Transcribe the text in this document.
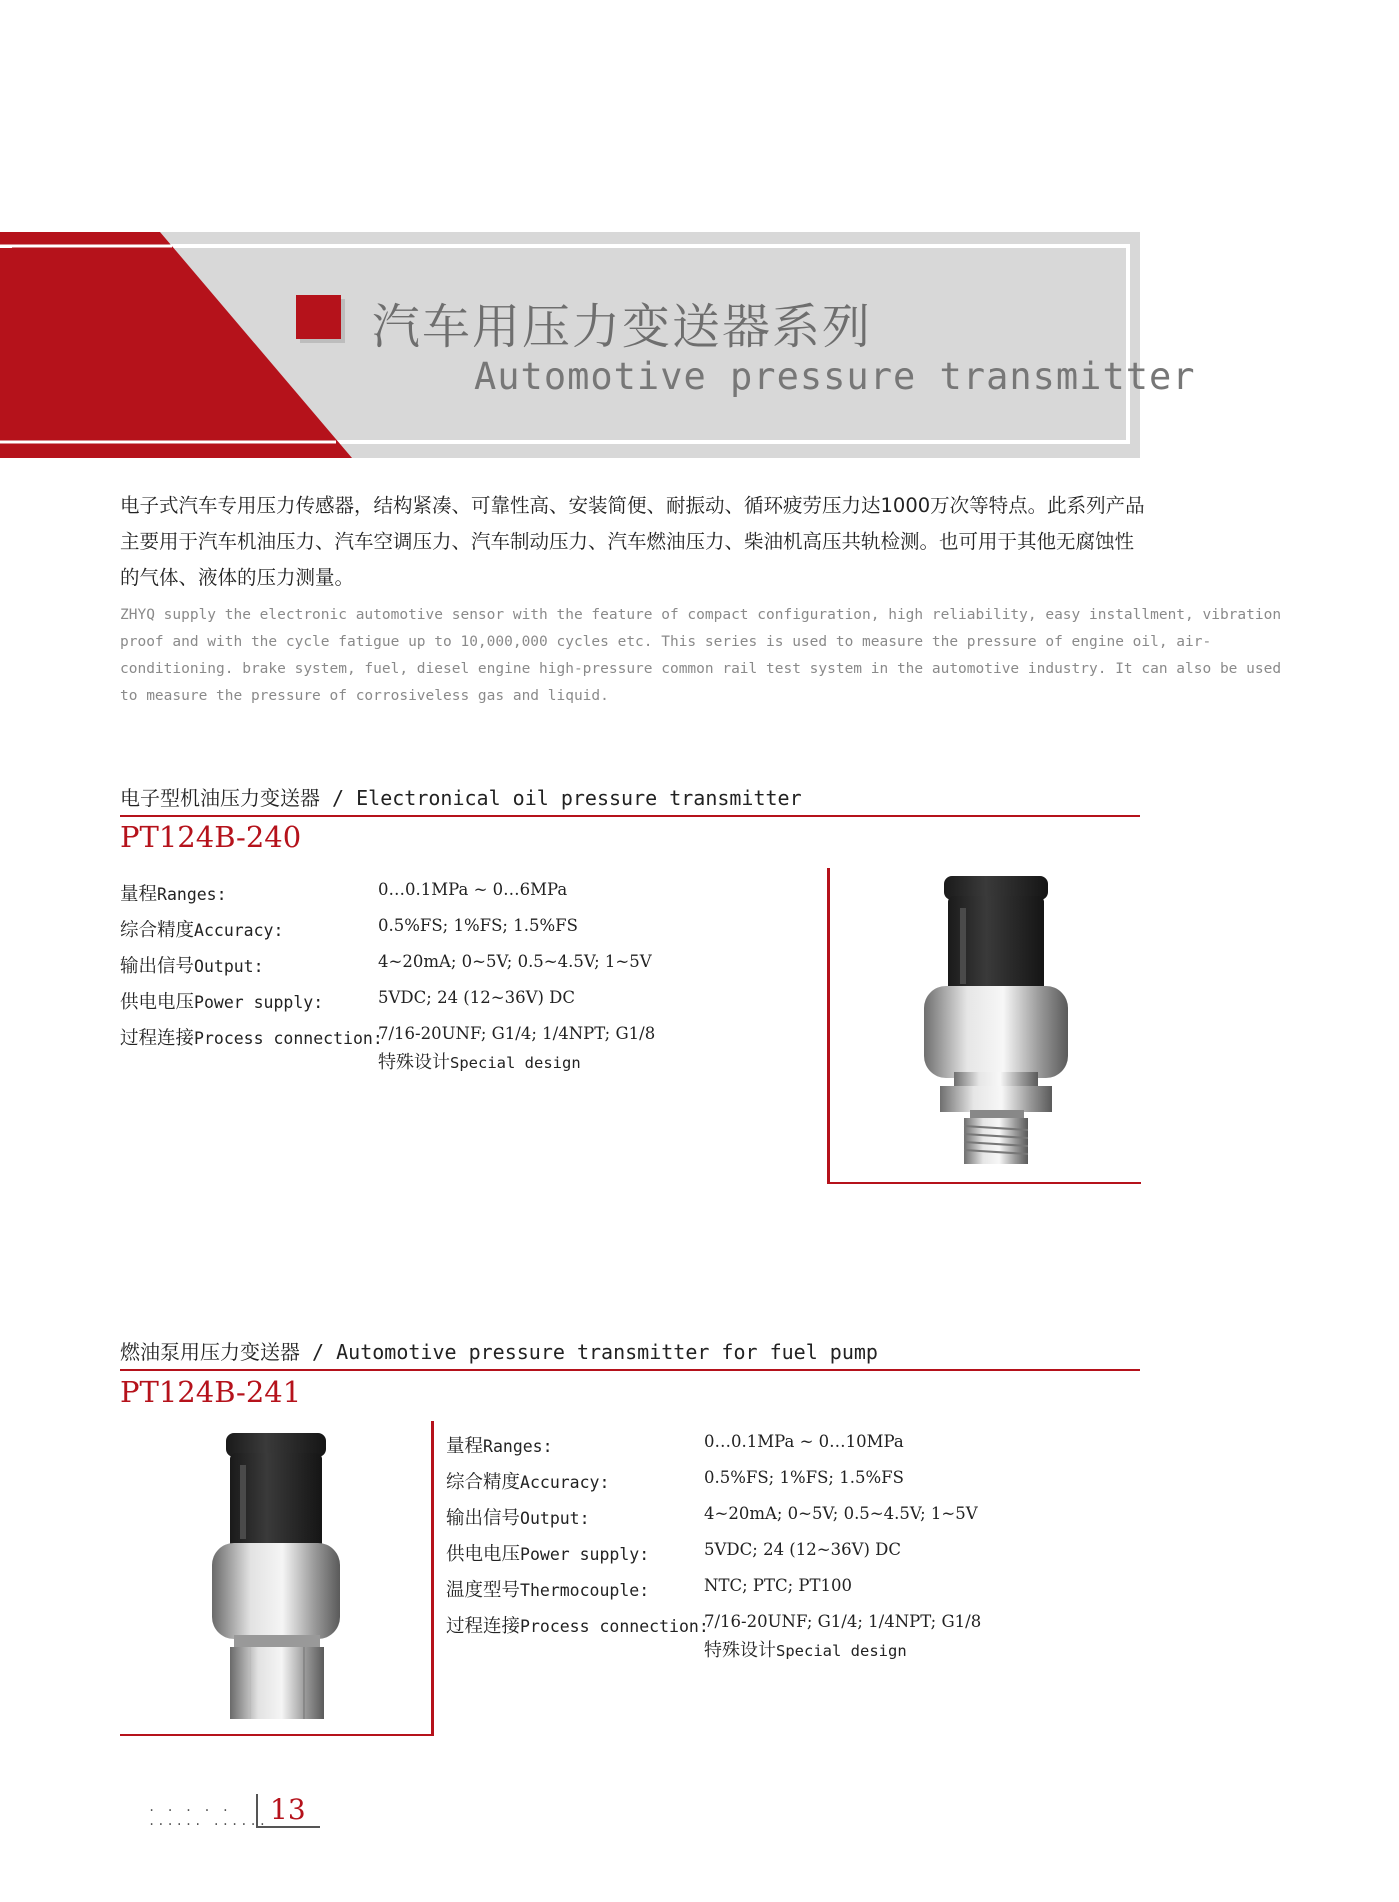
汽车用压力变送器系列
Automotive pressure transmitter
电子式汽车专用压力传感器，结构紧凑、可靠性高、安装简便、耐振动、循环疲劳压力达1000万次等特点。此系列产品主要用于汽车机油压力、汽车空调压力、汽车制动压力、汽车燃油压力、柴油机高压共轨检测。也可用于其他无腐蚀性的气体、液体的压力测量。
ZHYQ supply the electronic automotive sensor with the feature of compact configuration, high reliability, easy installment, vibration proof and with the cycle fatigue up to 10,000,000 cycles etc. This series is used to measure the pressure of engine oil, air-conditioning. brake system, fuel, diesel engine high-pressure common rail test system in the automotive industry. It can also be used to measure the pressure of corrosiveless gas and liquid.
电子型机油压力变送器 / Electronical oil pressure transmitter
PT124B-240
量程Ranges:	0…0.1MPa ~ 0…6MPa
综合精度Accuracy:	0.5%FS; 1%FS; 1.5%FS
输出信号Output:	4~20mA; 0~5V; 0.5~4.5V; 1~5V
供电电压Power supply:	5VDC; 24 (12~36V) DC
过程连接Process connection:
7/16-20UNF; G1/4; 1/4NPT; G1/8
特殊设计Special design
燃油泵用压力变送器 / Automotive pressure transmitter for fuel pump
PT124B-241
量程Ranges:	0…0.1MPa ~ 0…10MPa
综合精度Accuracy:	0.5%FS; 1%FS; 1.5%FS
输出信号Output:	4~20mA; 0~5V; 0.5~4.5V; 1~5V
供电电压Power supply:	5VDC; 24 (12~36V) DC
温度型号Thermocouple:	NTC; PTC; PT100
过程连接Process connection:
7/16-20UNF; G1/4; 1/4NPT; G1/8
特殊设计Special design
. . . . .
...... ...... 13
